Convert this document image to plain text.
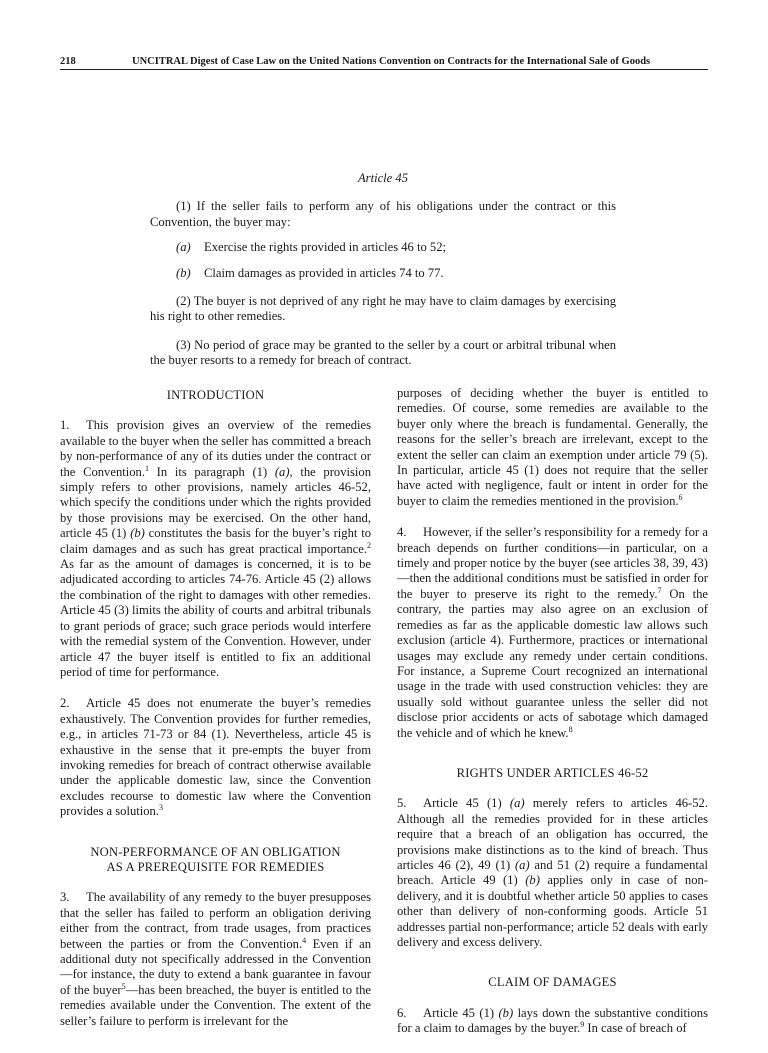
218	UNCITRAL Digest of Case Law on the United Nations Convention on Contracts for the International Sale of Goods
Article 45

(1) If the seller fails to perform any of his obligations under the contract or this Convention, the buyer may:

(a) Exercise the rights provided in articles 46 to 52;

(b) Claim damages as provided in articles 74 to 77.

(2) The buyer is not deprived of any right he may have to claim damages by exercising his right to other remedies.

(3) No period of grace may be granted to the seller by a court or arbitral tribunal when the buyer resorts to a remedy for breach of contract.

INTRODUCTION

1. This provision gives an overview of the remedies available to the buyer when the seller has committed a breach by non-performance of any of its duties under the contract or the Convention.$^1$ In its paragraph (1) (a), the provision simply refers to other provisions, namely articles 46-52, which specify the conditions under which the rights provided by those provisions may be exercised. On the other hand, article 45 (1) (b) constitutes the basis for the buyer’s right to claim damages and as such has great practical importance.$^2$ As far as the amount of damages is concerned, it is to be adjudicated according to articles 74-76. Article 45 (2) allows the combination of the right to damages with other remedies. Article 45 (3) limits the ability of courts and arbitral tribunals to grant periods of grace; such grace periods would interfere with the remedial system of the Convention. However, under article 47 the buyer itself is entitled to fix an additional period of time for performance.

2. Article 45 does not enumerate the buyer’s remedies exhaustively. The Convention provides for further remedies, e.g., in articles 71-73 or 84 (1). Nevertheless, article 45 is exhaustive in the sense that it pre-empts the buyer from invoking remedies for breach of contract otherwise available under the applicable domestic law, since the Convention excludes recourse to domestic law where the Convention provides a solution.$^3$

NON-PERFORMANCE OF AN OBLIGATION
AS A PREREQUISITE FOR REMEDIES

3. The availability of any remedy to the buyer presupposes that the seller has failed to perform an obligation deriving either from the contract, from trade usages, from practices between the parties or from the Convention.$^4$ Even if an additional duty not specifically addressed in the Convention—for instance, the duty to extend a bank guarantee in favour of the buyer$^5$—has been breached, the buyer is entitled to the remedies available under the Convention. The extent of the seller’s failure to perform is irrelevant for the

purposes of deciding whether the buyer is entitled to remedies. Of course, some remedies are available to the buyer only where the breach is fundamental. Generally, the reasons for the seller’s breach are irrelevant, except to the extent the seller can claim an exemption under article 79 (5). In particular, article 45 (1) does not require that the seller have acted with negligence, fault or intent in order for the buyer to claim the remedies mentioned in the provision.$^6$

4. However, if the seller’s responsibility for a remedy for a breach depends on further conditions—in particular, on a timely and proper notice by the buyer (see articles 38, 39, 43)—then the additional conditions must be satisfied in order for the buyer to preserve its right to the remedy.$^7$ On the contrary, the parties may also agree on an exclusion of remedies as far as the applicable domestic law allows such exclusion (article 4). Furthermore, practices or international usages may exclude any remedy under certain conditions. For instance, a Supreme Court recognized an international usage in the trade with used construction vehicles: they are usually sold without guarantee unless the seller did not disclose prior accidents or acts of sabotage which damaged the vehicle and of which he knew.$^8$

RIGHTS UNDER ARTICLES 46-52

5. Article 45 (1) (a) merely refers to articles 46-52. Although all the remedies provided for in these articles require that a breach of an obligation has occurred, the provisions make distinctions as to the kind of breach. Thus articles 46 (2), 49 (1) (a) and 51 (2) require a fundamental breach. Article 49 (1) (b) applies only in case of non-delivery, and it is doubtful whether article 50 applies to cases other than delivery of non-conforming goods. Article 51 addresses partial non-performance; article 52 deals with early delivery and excess delivery.

CLAIM OF DAMAGES

6. Article 45 (1) (b) lays down the substantive conditions for a claim to damages by the buyer.$^9$ In case of breach of
